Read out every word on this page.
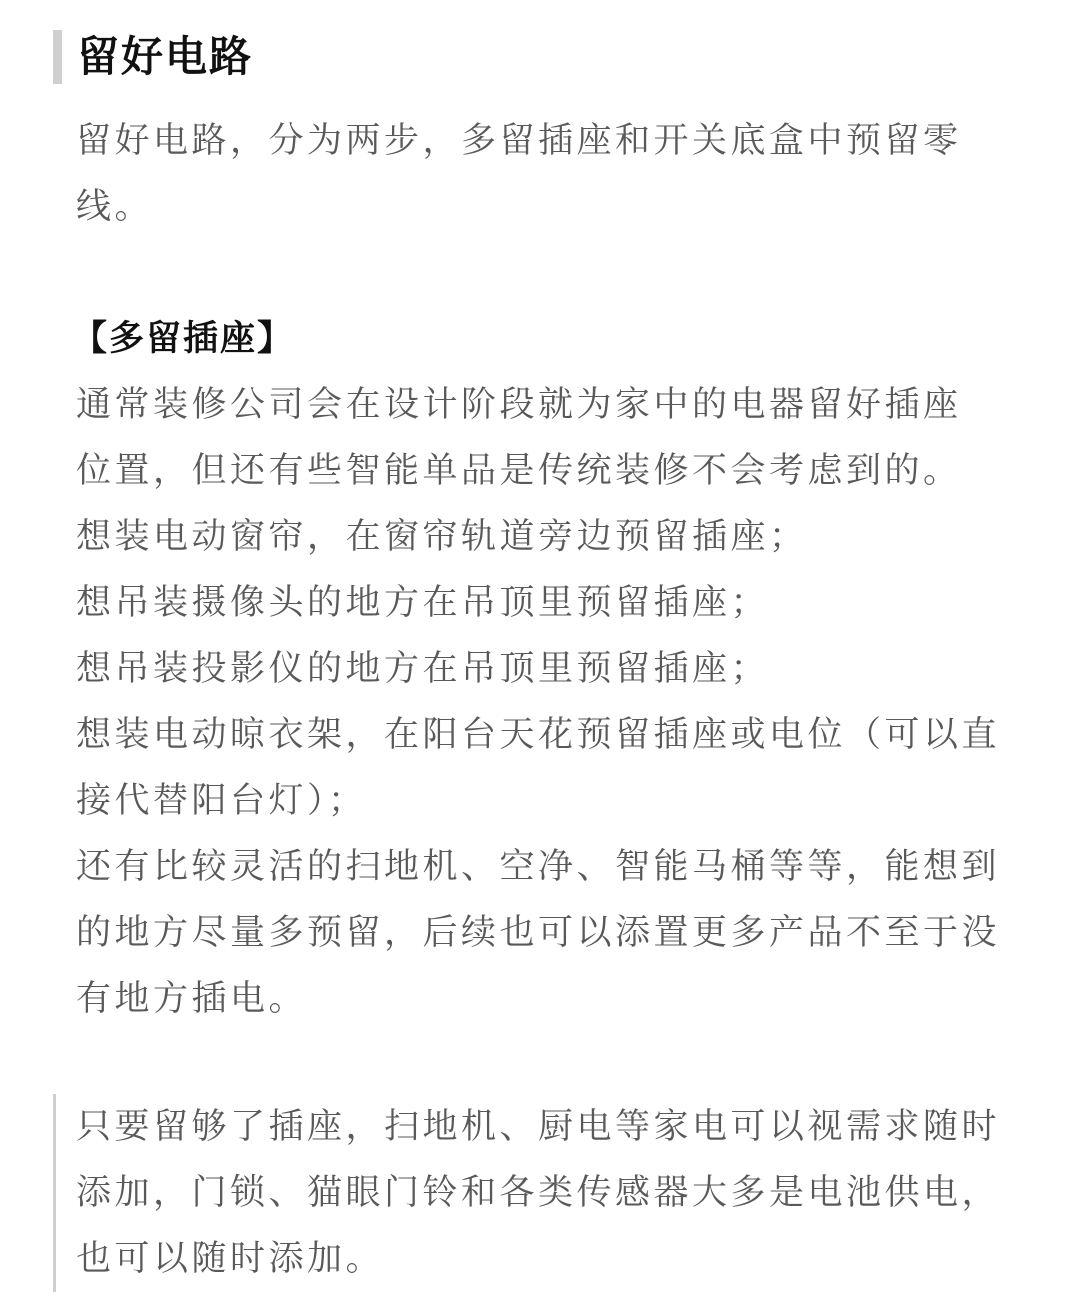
留好电路
留好电路，分为两步，多留插座和开关底盒中预留零
线。
【多留插座】
通常装修公司会在设计阶段就为家中的电器留好插座
位置，但还有些智能单品是传统装修不会考虑到的。
想装电动窗帘，在窗帘轨道旁边预留插座；
想吊装摄像头的地方在吊顶里预留插座；
想吊装投影仪的地方在吊顶里预留插座；
想装电动晾衣架，在阳台天花预留插座或电位（可以直
接代替阳台灯）；
还有比较灵活的扫地机、空净、智能马桶等等，能想到
的地方尽量多预留，后续也可以添置更多产品不至于没
有地方插电。
只要留够了插座，扫地机、厨电等家电可以视需求随时
添加，门锁、猫眼门铃和各类传感器大多是电池供电，
也可以随时添加。
